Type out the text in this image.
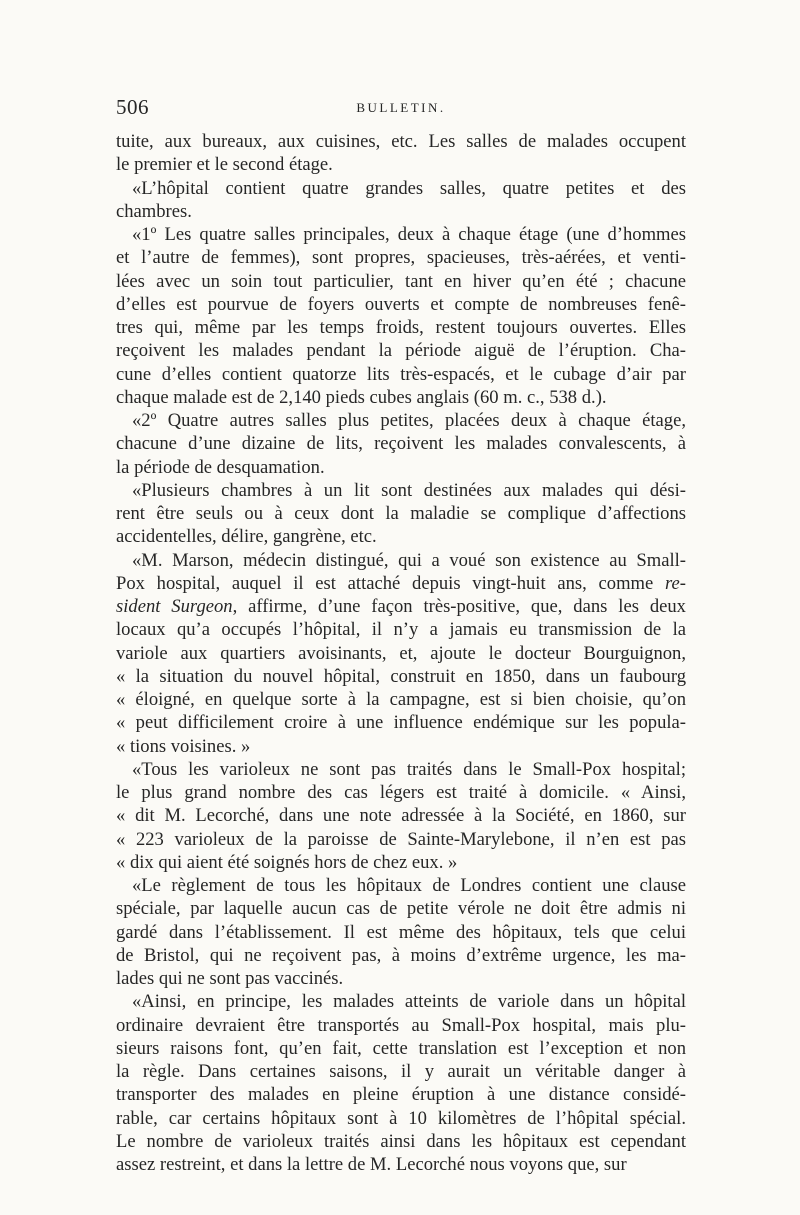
506	BULLETIN.
tuite, aux bureaux, aux cuisines, etc. Les salles de malades occupent
le premier et le second étage.
«L’hôpital contient quatre grandes salles, quatre petites et des
chambres.
«1º Les quatre salles principales, deux à chaque étage (une d’hommes
et l’autre de femmes), sont propres, spacieuses, très-aérées, et venti-
lées avec un soin tout particulier, tant en hiver qu’en été ; chacune
d’elles est pourvue de foyers ouverts et compte de nombreuses fenê-
tres qui, même par les temps froids, restent toujours ouvertes. Elles
reçoivent les malades pendant la période aiguë de l’éruption. Cha-
cune d’elles contient quatorze lits très-espacés, et le cubage d’air par
chaque malade est de 2,140 pieds cubes anglais (60 m. c., 538 d.).
«2º Quatre autres salles plus petites, placées deux à chaque étage,
chacune d’une dizaine de lits, reçoivent les malades convalescents, à
la période de desquamation.
«Plusieurs chambres à un lit sont destinées aux malades qui dési-
rent être seuls ou à ceux dont la maladie se complique d’affections
accidentelles, délire, gangrène, etc.
«M. Marson, médecin distingué, qui a voué son existence au Small-
Pox hospital, auquel il est attaché depuis vingt-huit ans, comme re-
sident Surgeon, affirme, d’une façon très-positive, que, dans les deux
locaux qu’a occupés l’hôpital, il n’y a jamais eu transmission de la
variole aux quartiers avoisinants, et, ajoute le docteur Bourguignon,
« la situation du nouvel hôpital, construit en 1850, dans un faubourg
« éloigné, en quelque sorte à la campagne, est si bien choisie, qu’on
« peut difficilement croire à une influence endémique sur les popula-
« tions voisines. »
«Tous les varioleux ne sont pas traités dans le Small-Pox hospital;
le plus grand nombre des cas légers est traité à domicile. « Ainsi,
« dit M. Lecorché, dans une note adressée à la Société, en 1860, sur
« 223 varioleux de la paroisse de Sainte-Marylebone, il n’en est pas
« dix qui aient été soignés hors de chez eux. »
«Le règlement de tous les hôpitaux de Londres contient une clause
spéciale, par laquelle aucun cas de petite vérole ne doit être admis ni
gardé dans l’établissement. Il est même des hôpitaux, tels que celui
de Bristol, qui ne reçoivent pas, à moins d’extrême urgence, les ma-
lades qui ne sont pas vaccinés.
«Ainsi, en principe, les malades atteints de variole dans un hôpital
ordinaire devraient être transportés au Small-Pox hospital, mais plu-
sieurs raisons font, qu’en fait, cette translation est l’exception et non
la règle. Dans certaines saisons, il y aurait un véritable danger à
transporter des malades en pleine éruption à une distance considé-
rable, car certains hôpitaux sont à 10 kilomètres de l’hôpital spécial.
Le nombre de varioleux traités ainsi dans les hôpitaux est cependant
assez restreint, et dans la lettre de M. Lecorché nous voyons que, sur
